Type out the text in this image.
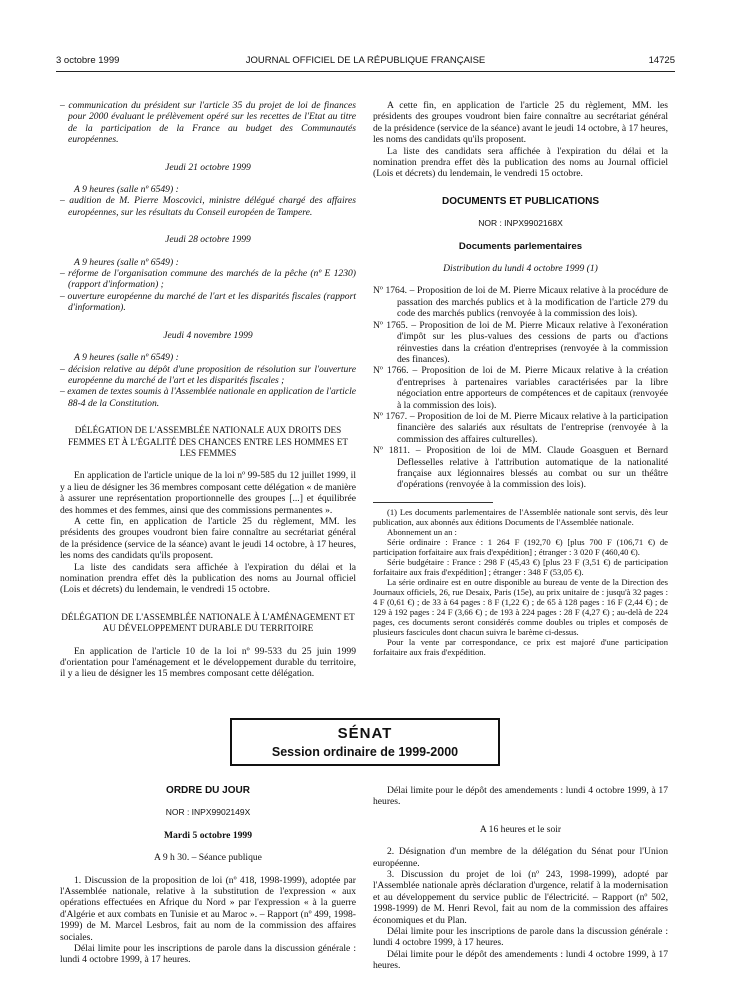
3 octobre 1999	JOURNAL OFFICIEL DE LA RÉPUBLIQUE FRANÇAISE	14725
– communication du président sur l'article 35 du projet de loi de finances pour 2000 évaluant le prélèvement opéré sur les recettes de l'Etat au titre de la participation de la France au budget des Communautés européennes.
Jeudi 21 octobre 1999
A 9 heures (salle nº 6549) :
– audition de M. Pierre Moscovici, ministre délégué chargé des affaires européennes, sur les résultats du Conseil européen de Tampere.
Jeudi 28 octobre 1999
A 9 heures (salle nº 6549) :
– réforme de l'organisation commune des marchés de la pêche (nº E 1230) (rapport d'information) ;
– ouverture européenne du marché de l'art et les disparités fiscales (rapport d'information).
Jeudi 4 novembre 1999
A 9 heures (salle nº 6549) :
– décision relative au dépôt d'une proposition de résolution sur l'ouverture européenne du marché de l'art et les disparités fiscales ;
– examen de textes soumis à l'Assemblée nationale en application de l'article 88-4 de la Constitution.
DÉLÉGATION DE L'ASSEMBLÉE NATIONALE AUX DROITS DES FEMMES ET À L'ÉGALITÉ DES CHANCES ENTRE LES HOMMES ET LES FEMMES
En application de l'article unique de la loi nº 99-585 du 12 juillet 1999, il y a lieu de désigner les 36 membres composant cette délégation « de manière à assurer une représentation proportionnelle des groupes [...] et équilibrée des hommes et des femmes, ainsi que des commissions permanentes ».
A cette fin, en application de l'article 25 du règlement, MM. les présidents des groupes voudront bien faire connaître au secrétariat général de la présidence (service de la séance) avant le jeudi 14 octobre, à 17 heures, les noms des candidats qu'ils proposent.
La liste des candidats sera affichée à l'expiration du délai et la nomination prendra effet dès la publication des noms au Journal officiel (Lois et décrets) du lendemain, le vendredi 15 octobre.
DÉLÉGATION DE L'ASSEMBLÉE NATIONALE À L'AMÉNAGEMENT ET AU DÉVELOPPEMENT DURABLE DU TERRITOIRE
En application de l'article 10 de la loi nº 99-533 du 25 juin 1999 d'orientation pour l'aménagement et le développement durable du territoire, il y a lieu de désigner les 15 membres composant cette délégation.
A cette fin, en application de l'article 25 du règlement, MM. les présidents des groupes voudront bien faire connaître au secrétariat général de la présidence (service de la séance) avant le jeudi 14 octobre, à 17 heures, les noms des candidats qu'ils proposent.
La liste des candidats sera affichée à l'expiration du délai et la nomination prendra effet dès la publication des noms au Journal officiel (Lois et décrets) du lendemain, le vendredi 15 octobre.
DOCUMENTS ET PUBLICATIONS
NOR : INPX9902168X
Documents parlementaires
Distribution du lundi 4 octobre 1999 (1)
Nº 1764. – Proposition de loi de M. Pierre Micaux relative à la procédure de passation des marchés publics et à la modification de l'article 279 du code des marchés publics (renvoyée à la commission des lois).
Nº 1765. – Proposition de loi de M. Pierre Micaux relative à l'exonération d'impôt sur les plus-values des cessions de parts ou d'actions réinvesties dans la création d'entreprises (renvoyée à la commission des finances).
Nº 1766. – Proposition de loi de M. Pierre Micaux relative à la création d'entreprises à partenaires variables caractérisées par la libre négociation entre apporteurs de compétences et de capitaux (renvoyée à la commission des lois).
Nº 1767. – Proposition de loi de M. Pierre Micaux relative à la participation financière des salariés aux résultats de l'entreprise (renvoyée à la commission des affaires culturelles).
Nº 1811. – Proposition de loi de MM. Claude Goasguen et Bernard Deflesselles relative à l'attribution automatique de la nationalité française aux légionnaires blessés au combat ou sur un théâtre d'opérations (renvoyée à la commission des lois).
(1) Les documents parlementaires de l'Assemblée nationale sont servis, dès leur publication, aux abonnés aux éditions Documents de l'Assemblée nationale.
Abonnement un an :
Série ordinaire : France : 1 264 F (192,70 €) [plus 700 F (106,71 €) de participation forfaitaire aux frais d'expédition] ; étranger : 3 020 F (460,40 €).
Série budgétaire : France : 298 F (45,43 €) [plus 23 F (3,51 €) de participation forfaitaire aux frais d'expédition] ; étranger : 348 F (53,05 €).
La série ordinaire est en outre disponible au bureau de vente de la Direction des Journaux officiels, 26, rue Desaix, Paris (15e), au prix unitaire de : jusqu'à 32 pages : 4 F (0,61 €) ; de 33 à 64 pages : 8 F (1,22 €) ; de 65 à 128 pages : 16 F (2,44 €) ; de 129 à 192 pages : 24 F (3,66 €) ; de 193 à 224 pages : 28 F (4,27 €) ; au-delà de 224 pages, ces documents seront considérés comme doubles ou triples et composés de plusieurs fascicules dont chacun suivra le barème ci-dessus.
Pour la vente par correspondance, ce prix est majoré d'une participation forfaitaire aux frais d'expédition.
SÉNAT
Session ordinaire de 1999-2000
ORDRE DU JOUR
NOR : INPX9902149X
Mardi 5 octobre 1999
A 9 h 30. – Séance publique
1. Discussion de la proposition de loi (nº 418, 1998-1999), adoptée par l'Assemblée nationale, relative à la substitution de l'expression « aux opérations effectuées en Afrique du Nord » par l'expression « à la guerre d'Algérie et aux combats en Tunisie et au Maroc ». – Rapport (nº 499, 1998-1999) de M. Marcel Lesbros, fait au nom de la commission des affaires sociales.
Délai limite pour les inscriptions de parole dans la discussion générale : lundi 4 octobre 1999, à 17 heures.
Délai limite pour le dépôt des amendements : lundi 4 octobre 1999, à 17 heures.
A 16 heures et le soir
2. Désignation d'un membre de la délégation du Sénat pour l'Union européenne.
3. Discussion du projet de loi (nº 243, 1998-1999), adopté par l'Assemblée nationale après déclaration d'urgence, relatif à la modernisation et au développement du service public de l'électricité. – Rapport (nº 502, 1998-1999) de M. Henri Revol, fait au nom de la commission des affaires économiques et du Plan.
Délai limite pour les inscriptions de parole dans la discussion générale : lundi 4 octobre 1999, à 17 heures.
Délai limite pour le dépôt des amendements : lundi 4 octobre 1999, à 17 heures.
